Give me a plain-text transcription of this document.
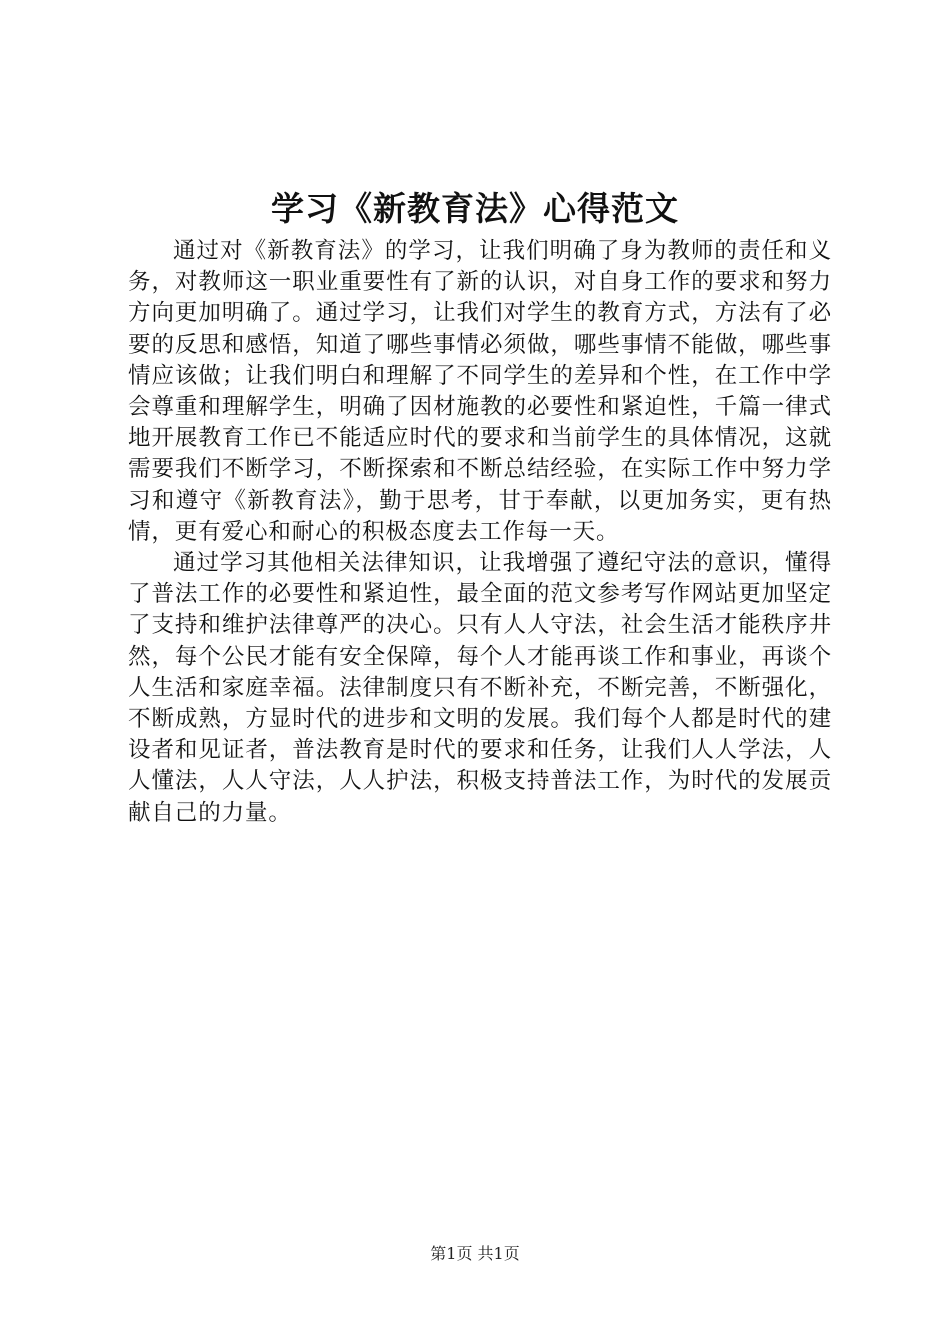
学习《新教育法》心得范文

通过对《新教育法》的学习，让我们明确了身为教师的责任和义务，对教师这一职业重要性有了新的认识，对自身工作的要求和努力方向更加明确了。通过学习，让我们对学生的教育方式，方法有了必要的反思和感悟，知道了哪些事情必须做，哪些事情不能做，哪些事情应该做；让我们明白和理解了不同学生的差异和个性，在工作中学会尊重和理解学生，明确了因材施教的必要性和紧迫性，千篇一律式地开展教育工作已不能适应时代的要求和当前学生的具体情况，这就需要我们不断学习，不断探索和不断总结经验，在实际工作中努力学习和遵守《新教育法》，勤于思考，甘于奉献，以更加务实，更有热情，更有爱心和耐心的积极态度去工作每一天。

通过学习其他相关法律知识，让我增强了遵纪守法的意识，懂得了普法工作的必要性和紧迫性，最全面的范文参考写作网站更加坚定了支持和维护法律尊严的决心。只有人人守法，社会生活才能秩序井然，每个公民才能有安全保障，每个人才能再谈工作和事业，再谈个人生活和家庭幸福。法律制度只有不断补充，不断完善，不断强化，不断成熟，方显时代的进步和文明的发展。我们每个人都是时代的建设者和见证者，普法教育是时代的要求和任务，让我们人人学法，人人懂法，人人守法，人人护法，积极支持普法工作，为时代的发展贡献自己的力量。

第1页 共1页
